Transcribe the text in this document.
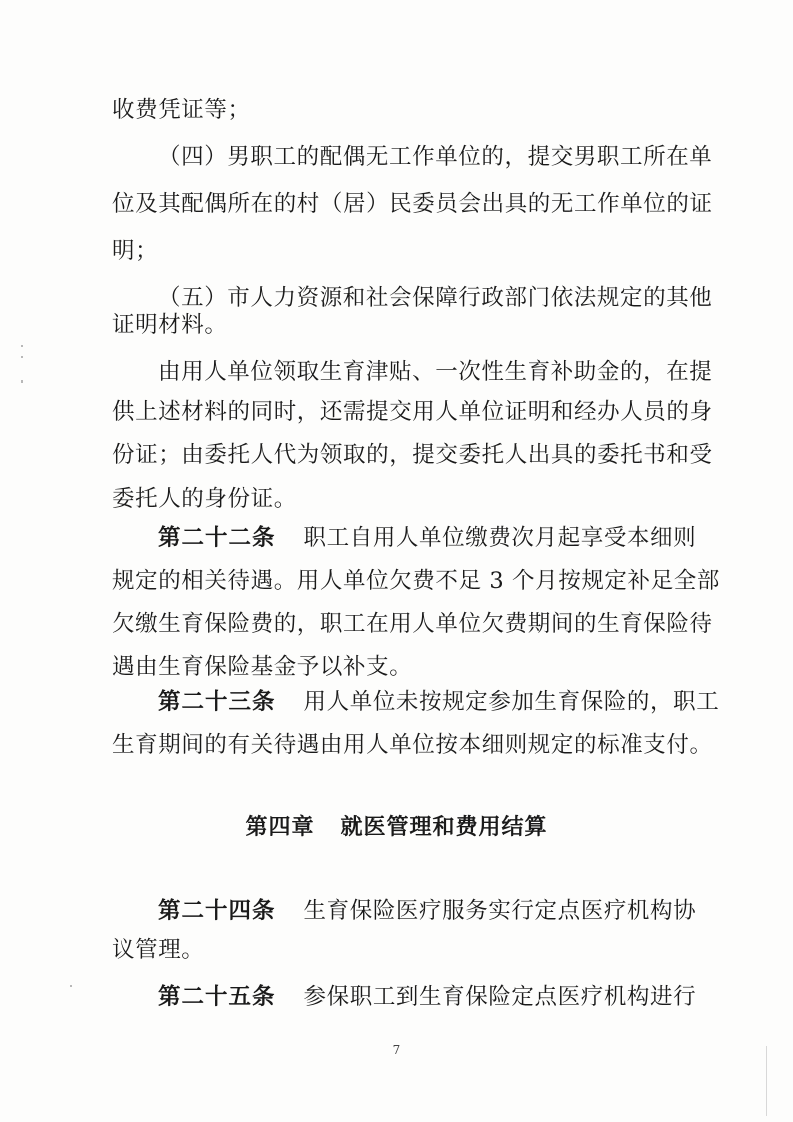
收费凭证等；
（四）男职工的配偶无工作单位的，提交男职工所在单
位及其配偶所在的村（居）民委员会出具的无工作单位的证
明；
（五）市人力资源和社会保障行政部门依法规定的其他
证明材料。
由用人单位领取生育津贴、一次性生育补助金的，在提
供上述材料的同时，还需提交用人单位证明和经办人员的身
份证；由委托人代为领取的，提交委托人出具的委托书和受
委托人的身份证。
第二十二条 职工自用人单位缴费次月起享受本细则
规定的相关待遇。用人单位欠费不足 3 个月按规定补足全部
欠缴生育保险费的，职工在用人单位欠费期间的生育保险待
遇由生育保险基金予以补支。
第二十三条 用人单位未按规定参加生育保险的，职工
生育期间的有关待遇由用人单位按本细则规定的标准支付。
第四章 就医管理和费用结算
第二十四条 生育保险医疗服务实行定点医疗机构协
议管理。
第二十五条 参保职工到生育保险定点医疗机构进行
7
